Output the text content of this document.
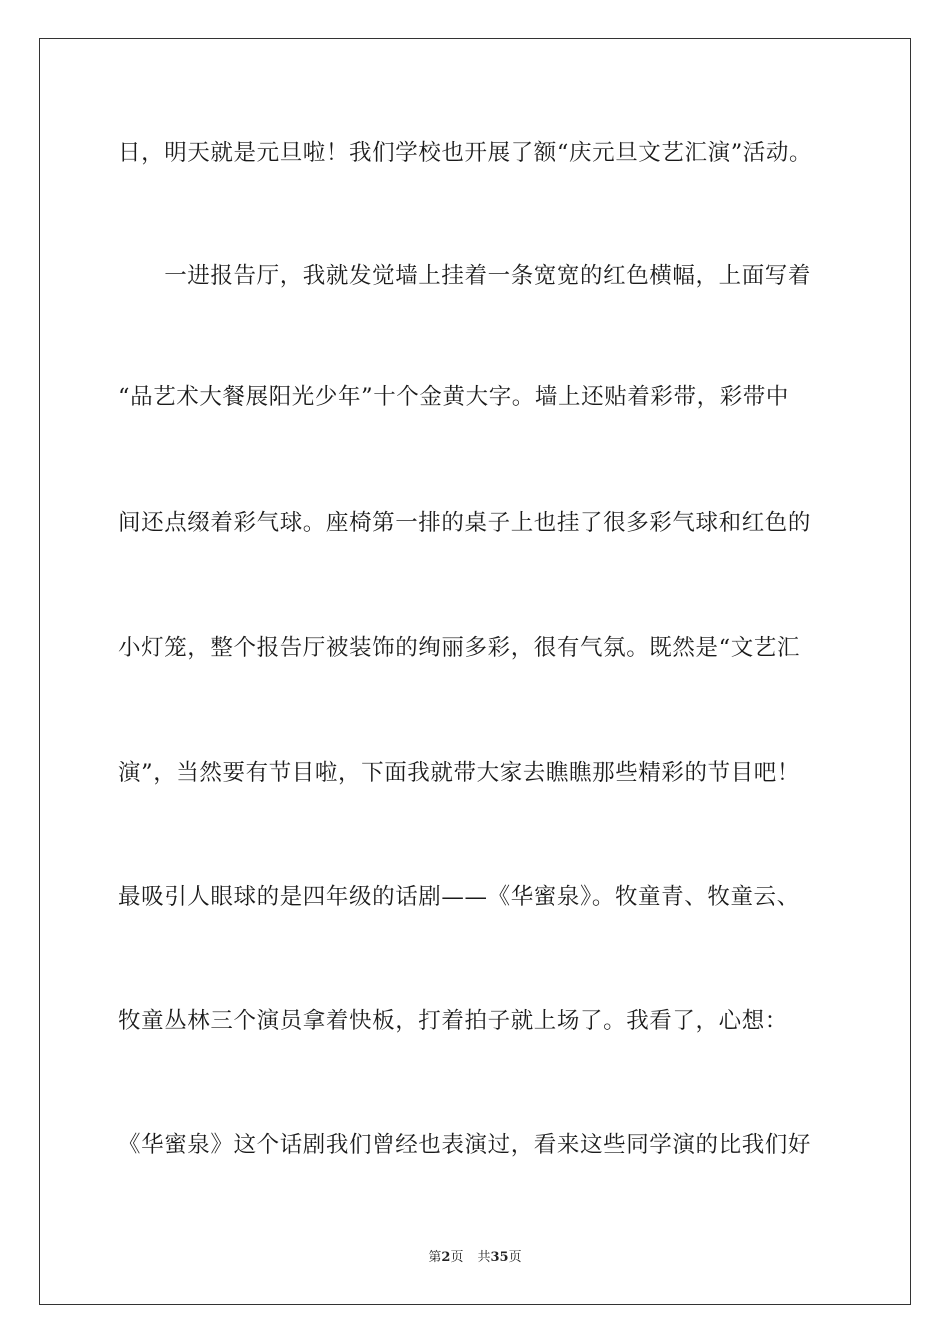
日，明天就是元旦啦！我们学校也开展了额“庆元旦文艺汇演”活动。
　　一进报告厅，我就发觉墙上挂着一条宽宽的红色横幅，上面写着
“品艺术大餐展阳光少年”十个金黄大字。墙上还贴着彩带，彩带中
间还点缀着彩气球。座椅第一排的桌子上也挂了很多彩气球和红色的
小灯笼，整个报告厅被装饰的绚丽多彩，很有气氛。既然是“文艺汇
演”，当然要有节目啦，下面我就带大家去瞧瞧那些精彩的节目吧！
最吸引人眼球的是四年级的话剧——《华蜜泉》。牧童青、牧童云、
牧童丛林三个演员拿着快板，打着拍子就上场了。我看了，心想：
《华蜜泉》这个话剧我们曾经也表演过，看来这些同学演的比我们好
第2页 共35页
